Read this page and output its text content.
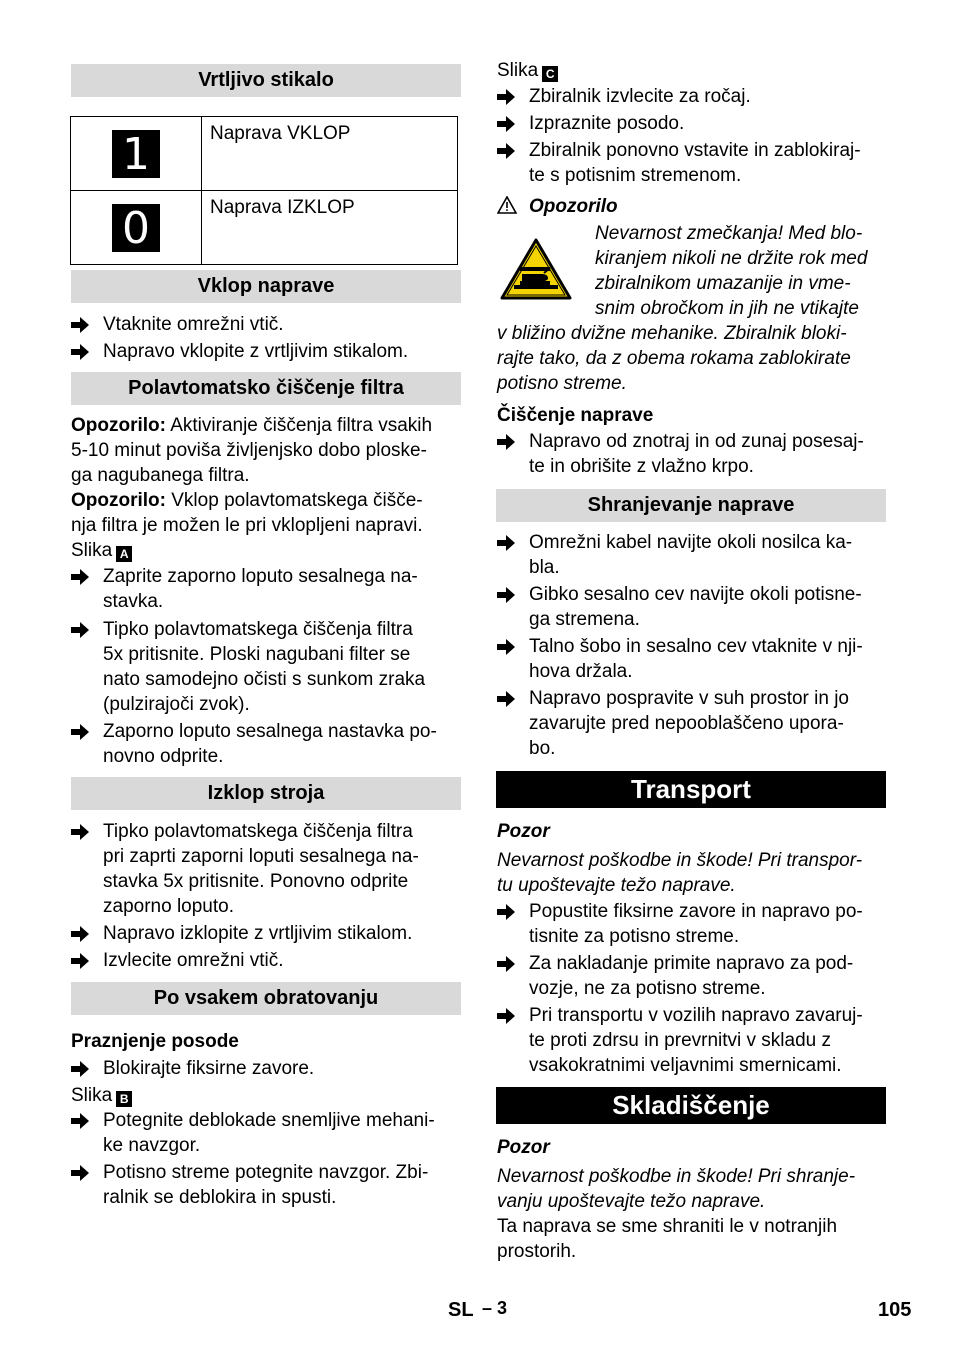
Vrtljivo stikalo
1	Naprava VKLOP

0	Naprava IZKLOP
Vklop naprave
Vtaknite omrežni vtič.
Napravo vklopite z vrtljivim stikalom.
Polavtomatsko čiščenje filtra
Opozorilo: Aktiviranje čiščenja filtra vsakih
5-10 minut poviša življenjsko dobo ploske-
ga nagubanega filtra.
Opozorilo: Vklop polavtomatskega čišče-
nja filtra je možen le pri vklopljeni napravi.
Slika A
Zaprite zaporno loputo sesalnega na-
stavka.
Tipko polavtomatskega čiščenja filtra
5x pritisnite. Ploski nagubani filter se
nato samodejno očisti s sunkom zraka
(pulzirajoči zvok).
Zaporno loputo sesalnega nastavka po-
novno odprite.
Izklop stroja
Tipko polavtomatskega čiščenja filtra
pri zaprti zaporni loputi sesalnega na-
stavka 5x pritisnite. Ponovno odprite
zaporno loputo.
Napravo izklopite z vrtljivim stikalom.
Izvlecite omrežni vtič.
Po vsakem obratovanju
Praznjenje posode
Blokirajte fiksirne zavore.
Slika B
Potegnite deblokade snemljive mehani-
ke navzgor.
Potisno streme potegnite navzgor. Zbi-
ralnik se deblokira in spusti.
Slika C
Zbiralnik izvlecite za ročaj.
Izpraznite posodo.
Zbiralnik ponovno vstavite in zablokiraj-
te s potisnim stremenom.
Opozorilo
Nevarnost zmečkanja! Med blo-
kiranjem nikoli ne držite rok med
zbiralnikom umazanije in vme-
snim obročkom in jih ne vtikajte
v bližino dvižne mehanike. Zbiralnik bloki-
rajte tako, da z obema rokama zablokirate
potisno streme.
Čiščenje naprave
Napravo od znotraj in od zunaj posesaj-
te in obrišite z vlažno krpo.
Shranjevanje naprave
Omrežni kabel navijte okoli nosilca ka-
bla.
Gibko sesalno cev navijte okoli potisne-
ga stremena.
Talno šobo in sesalno cev vtaknite v nji-
hova držala.
Napravo pospravite v suh prostor in jo
zavarujte pred nepooblaščeno upora-
bo.
Transport
Pozor
Nevarnost poškodbe in škode! Pri transpor-
tu upoštevajte težo naprave.
Popustite fiksirne zavore in napravo po-
tisnite za potisno streme.
Za nakladanje primite napravo za pod-
vozje, ne za potisno streme.
Pri transportu v vozilih napravo zavaruj-
te proti zdrsu in prevrnitvi v skladu z
vsakokratnimi veljavnimi smernicami.
Skladiščenje
Pozor
Nevarnost poškodbe in škode! Pri shranje-
vanju upoštevajte težo naprave.
Ta naprava se sme shraniti le v notranjih
prostorih.
SL – 3	105
